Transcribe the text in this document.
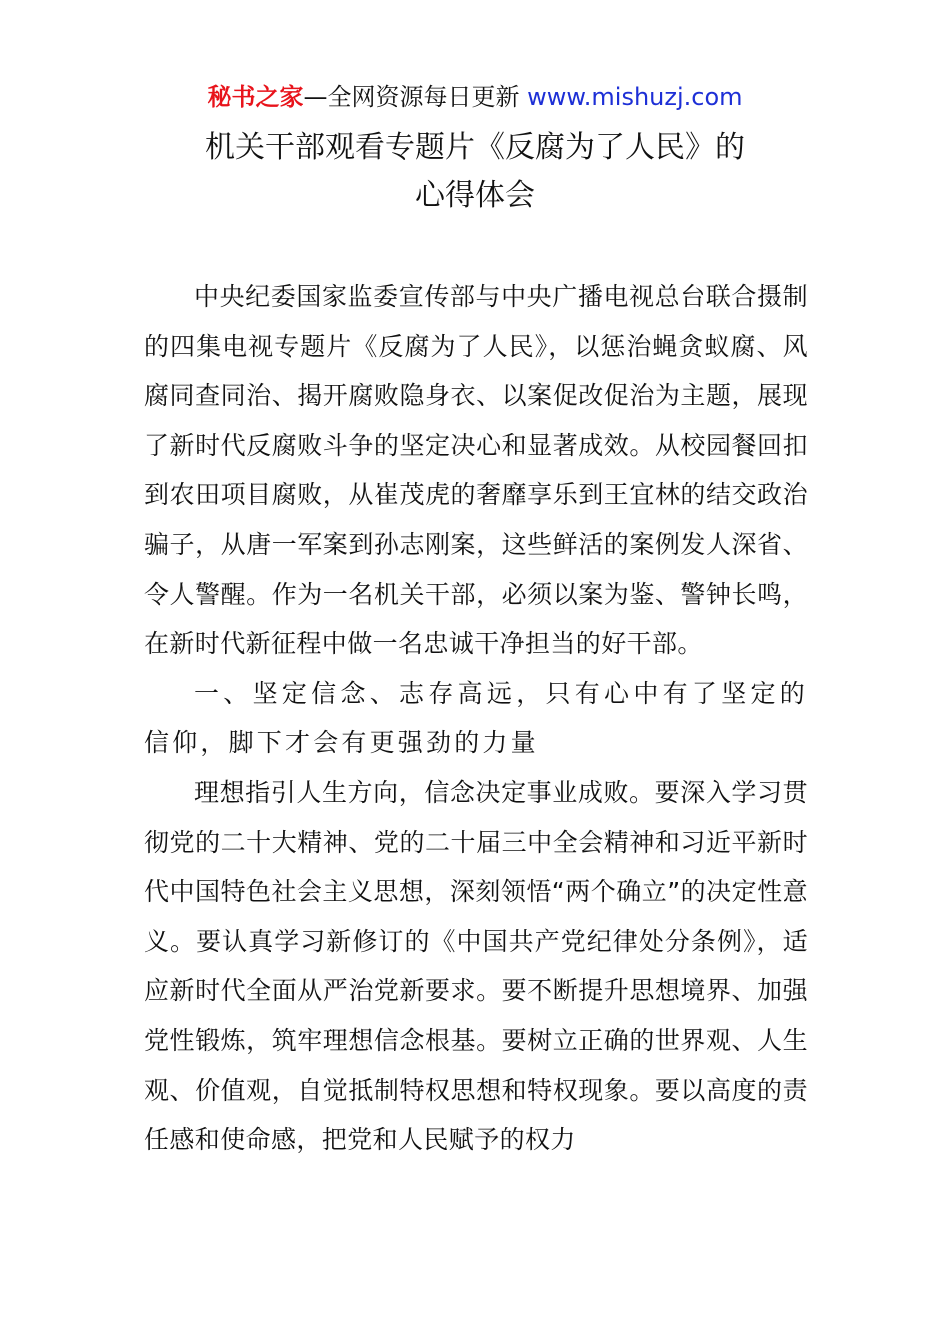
秘书之家—全网资源每日更新 www.mishuzj.com
机关干部观看专题片《反腐为了人民》的
心得体会

中央纪委国家监委宣传部与中央广播电视总台联合摄制的四集电视专题片《反腐为了人民》，以惩治蝇贪蚁腐、风腐同查同治、揭开腐败隐身衣、以案促改促治为主题，展现了新时代反腐败斗争的坚定决心和显著成效。从校园餐回扣到农田项目腐败，从崔茂虎的奢靡享乐到王宜林的结交政治骗子，从唐一军案到孙志刚案，这些鲜活的案例发人深省、令人警醒。作为一名机关干部，必须以案为鉴、警钟长鸣，在新时代新征程中做一名忠诚干净担当的好干部。

一、坚定信念、志存高远，只有心中有了坚定的信仰，脚下才会有更强劲的力量

理想指引人生方向，信念决定事业成败。要深入学习贯彻党的二十大精神、党的二十届三中全会精神和习近平新时代中国特色社会主义思想，深刻领悟“两个确立”的决定性意义。要认真学习新修订的《中国共产党纪律处分条例》，适应新时代全面从严治党新要求。要不断提升思想境界、加强党性锻炼，筑牢理想信念根基。要树立正确的世界观、人生观、价值观，自觉抵制特权思想和特权现象。要以高度的责任感和使命感，把党和人民赋予的权力
